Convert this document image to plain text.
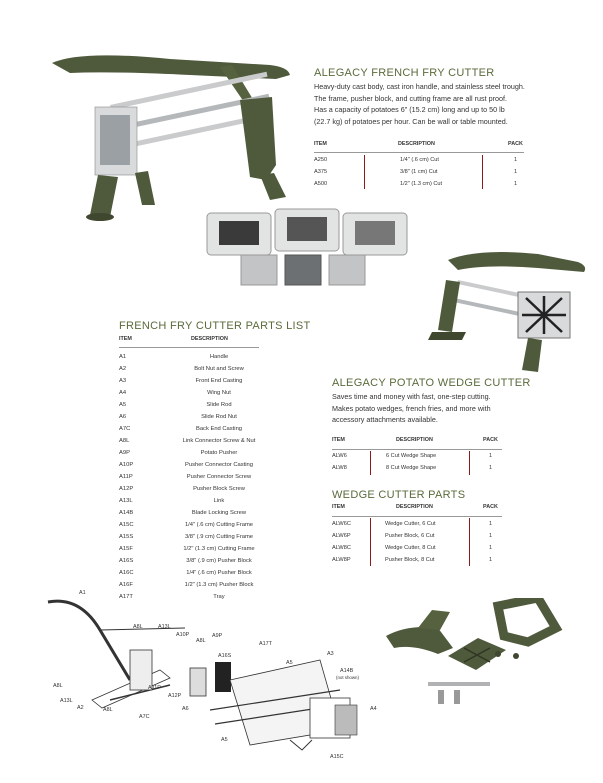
ALEGACY FRENCH FRY CUTTER
Heavy-duty cast body, cast iron handle, and stainless steel trough.
The frame, pusher block, and cutting frame are all rust proof.
Has a capacity of potatoes 6" (15.2 cm) long and up to 50 lb
(22.7 kg) of potatoes per hour. Can be wall or table mounted.
ITEM	DESCRIPTION	PACK
A250	1/4" (.6 cm) Cut	1
A375	3/8" (1 cm) Cut	1
A500	1/2" (1.3 cm) Cut	1
FRENCH FRY CUTTER PARTS LIST
ITEM	DESCRIPTION
A1	Handle
A2	Bolt Nut and Screw
A3	Front End Casting
A4	Wing Nut
A5	Slide Rod
A6	Slide Rod Nut
A7C	Back End Casting
A8L	Link Connector Screw & Nut
A9P	Potato Pusher
A10P	Pusher Connector Casting
A11P	Pusher Connector Screw
A12P	Pusher Block Screw
A13L	Link
A14B	Blade Locking Screw
A15C	1/4" (.6 cm) Cutting Frame
A15S	3/8" (.9 cm) Cutting Frame
A15F	1/2" (1.3 cm) Cutting Frame
A16S	3/8" (.9 cm) Pusher Block
A16C	1/4" (.6 cm) Pusher Block
A16F	1/2" (1.3 cm) Pusher Block
A17T	Tray
ALEGACY POTATO WEDGE CUTTER
Saves time and money with fast, one-step cutting.
Makes potato wedges, french fries, and more with
accessory attachments available.
ITEM	DESCRIPTION	PACK
ALW6	6 Cut Wedge Shape	1
ALW8	8 Cut Wedge Shape	1
WEDGE CUTTER PARTS
ITEM	DESCRIPTION	PACK
ALW6C	Wedge Cutter, 6 Cut	1
ALW6P	Pusher Block, 6 Cut	1
ALW8C	Wedge Cutter, 8 Cut	1
ALW8P	Pusher Block, 8 Cut	1
A1
A8L	A13L
A10P
A8L
A9P
A17T
A16S
A5
A3
A14B
(not shown)
A8L	A11P
A12P
A13L
A2	A8L
A7C
A6	A4
A5
A15C
